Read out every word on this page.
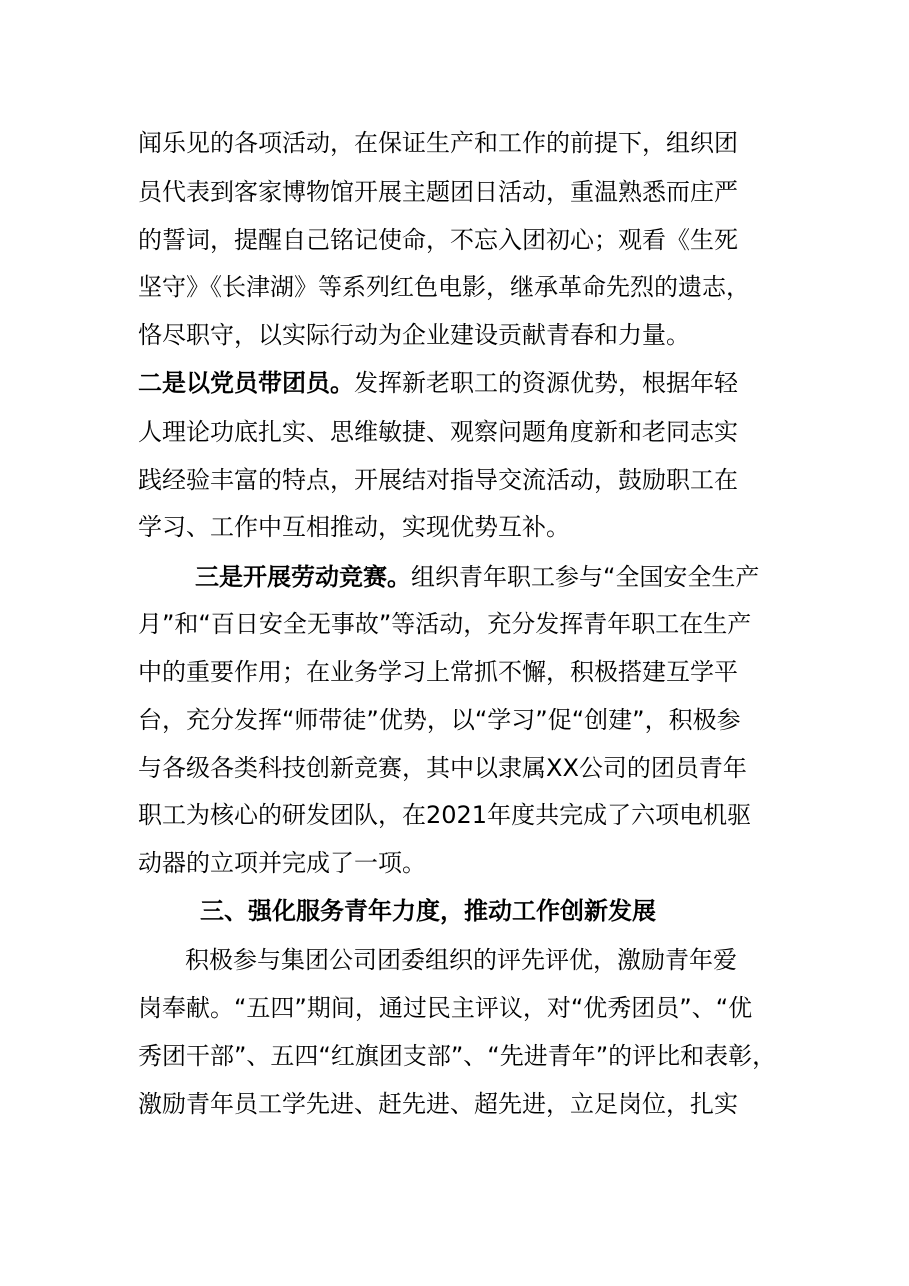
闻乐见的各项活动，在保证生产和工作的前提下，组织团
员代表到客家博物馆开展主题团日活动，重温熟悉而庄严
的誓词，提醒自己铭记使命，不忘入团初心；观看《生死
坚守》《长津湖》等系列红色电影，继承革命先烈的遗志，
恪尽职守，以实际行动为企业建设贡献青春和力量。
二是以党员带团员。发挥新老职工的资源优势，根据年轻
人理论功底扎实、思维敏捷、观察问题角度新和老同志实
践经验丰富的特点，开展结对指导交流活动，鼓励职工在
学习、工作中互相推动，实现优势互补。
三是开展劳动竞赛。组织青年职工参与“全国安全生产
月”和“百日安全无事故”等活动，充分发挥青年职工在生产
中的重要作用；在业务学习上常抓不懈，积极搭建互学平
台，充分发挥“师带徒”优势，以“学习”促“创建”，积极参
与各级各类科技创新竞赛，其中以隶属XX公司的团员青年
职工为核心的研发团队，在2021年度共完成了六项电机驱
动器的立项并完成了一项。
三、强化服务青年力度，推动工作创新发展
积极参与集团公司团委组织的评先评优，激励青年爱
岗奉献。“五四”期间，通过民主评议，对“优秀团员”、“优
秀团干部”、五四“红旗团支部”、“先进青年”的评比和表彰，
激励青年员工学先进、赶先进、超先进，立足岗位，扎实
